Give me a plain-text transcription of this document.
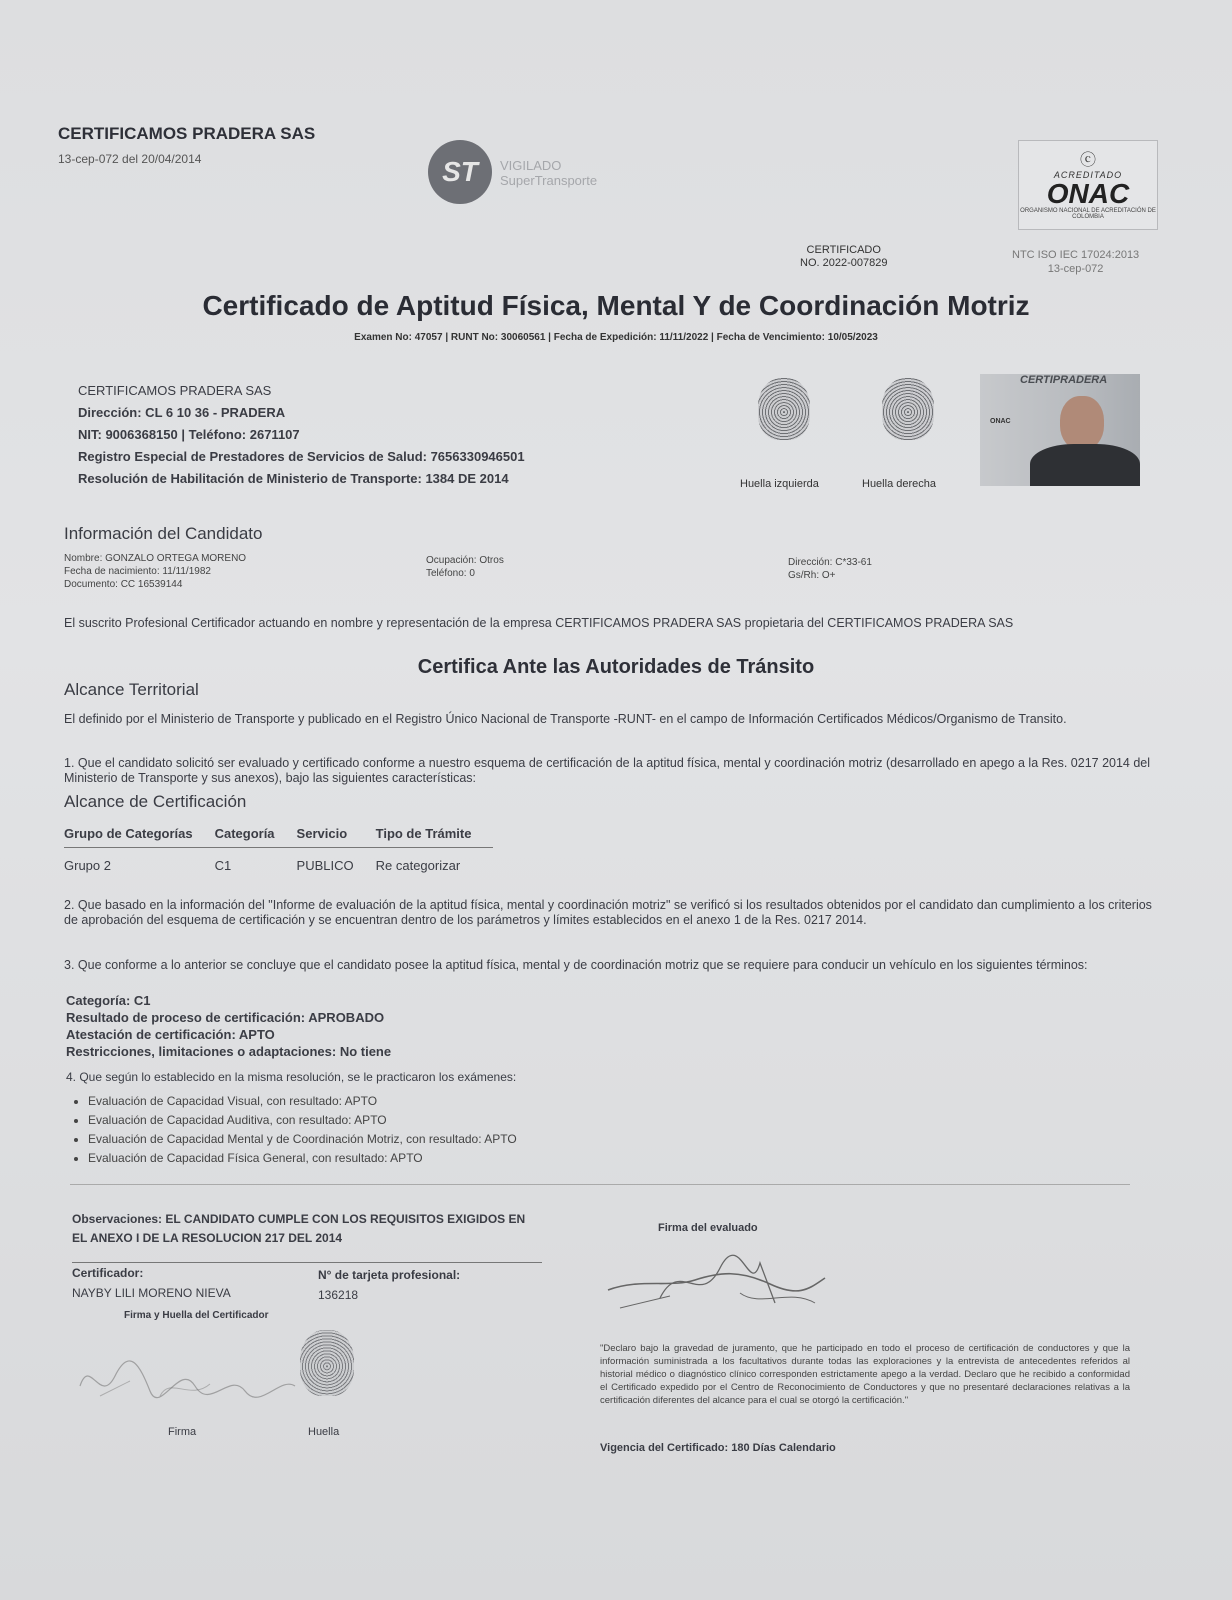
CERTIFICAMOS PRADERA SAS
13-cep-072 del 20/04/2014	ST	VIGILADO
SuperTransporte
ⓒ
ACREDITADO
ONAC
ORGANISMO NACIONAL DE ACREDITACIÓN DE COLOMBIA
CERTIFICADO
NO. 2022-007829
NTC ISO IEC 17024:2013
13-cep-072
Certificado de Aptitud Física, Mental Y de Coordinación Motriz
Examen No: 47057 | RUNT No: 30060561 | Fecha de Expedición: 11/11/2022 | Fecha de Vencimiento: 10/05/2023
CERTIFICAMOS PRADERA SAS
Dirección: CL 6 10 36 - PRADERA
NIT: 9006368150 | Teléfono: 2671107
Registro Especial de Prestadores de Servicios de Salud: 7656330946501
Resolución de Habilitación de Ministerio de Transporte: 1384 DE 2014	Huella izquierda	Huella derecha
CERTIPRADERA
ONAC
Información del Candidato
Nombre: GONZALO ORTEGA MORENO
Fecha de nacimiento: 11/11/1982
Documento: CC 16539144
Ocupación: Otros
Teléfono: 0
Dirección: C*33-61
Gs/Rh: O+
El suscrito Profesional Certificador actuando en nombre y representación de la empresa CERTIFICAMOS PRADERA SAS propietaria del CERTIFICAMOS PRADERA SAS
Certifica Ante las Autoridades de Tránsito
Alcance Territorial
El definido por el Ministerio de Transporte y publicado en el Registro Único Nacional de Transporte -RUNT- en el campo de Información Certificados Médicos/Organismo de Transito.
1. Que el candidato solicitó ser evaluado y certificado conforme a nuestro esquema de certificación de la aptitud física, mental y coordinación motriz (desarrollado en apego a la Res. 0217 2014 del Ministerio de Transporte y sus anexos), bajo las siguientes características:
Alcance de Certificación
Grupo de Categorías	Categoría	Servicio	Tipo de Trámite
Grupo 2	C1	PUBLICO	Re categorizar
2. Que basado en la información del "Informe de evaluación de la aptitud física, mental y coordinación motriz" se verificó si los resultados obtenidos por el candidato dan cumplimiento a los criterios de aprobación del esquema de certificación y se encuentran dentro de los parámetros y límites establecidos en el anexo 1 de la Res. 0217 2014.
3. Que conforme a lo anterior se concluye que el candidato posee la aptitud física, mental y de coordinación motriz que se requiere para conducir un vehículo en los siguientes términos:
Categoría: C1
Resultado de proceso de certificación: APROBADO
Atestación de certificación: APTO
Restricciones, limitaciones o adaptaciones: No tiene
4. Que según lo establecido en la misma resolución, se le practicaron los exámenes:
• Evaluación de Capacidad Visual, con resultado: APTO
• Evaluación de Capacidad Auditiva, con resultado: APTO
• Evaluación de Capacidad Mental y de Coordinación Motriz, con resultado: APTO
• Evaluación de Capacidad Física General, con resultado: APTO
Observaciones: EL CANDIDATO CUMPLE CON LOS REQUISITOS EXIGIDOS EN EL ANEXO I DE LA RESOLUCION 217 DEL 2014
Certificador:
NAYBY LILI MORENO NIEVA
N° de tarjeta profesional:
136218
Firma y Huella del Certificador
Firma	Huella
Firma del evaluado
"Declaro bajo la gravedad de juramento, que he participado en todo el proceso de certificación de conductores y que la información suministrada a los facultativos durante todas las exploraciones y la entrevista de antecedentes referidos al historial médico o diagnóstico clínico corresponden estrictamente apego a la verdad. Declaro que he recibido a conformidad el Certificado expedido por el Centro de Reconocimiento de Conductores y que no presentaré declaraciones relativas a la certificación diferentes del alcance para el cual se otorgó la certificación."
Vigencia del Certificado: 180 Días Calendario
